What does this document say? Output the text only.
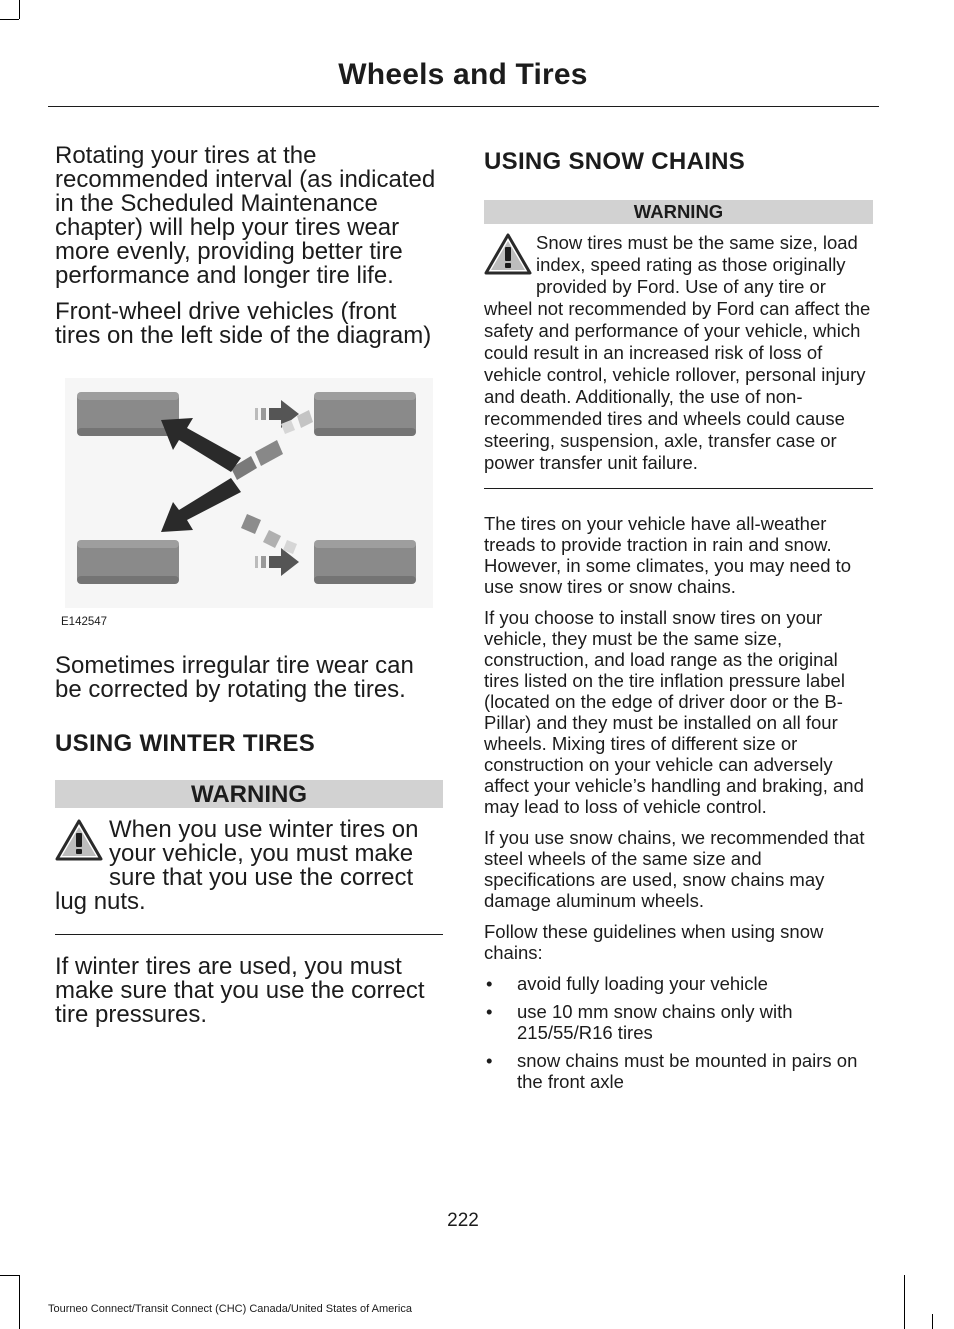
Wheels and Tires

Rotating your tires at the recommended interval (as indicated in the Scheduled Maintenance chapter) will help your tires wear more evenly, providing better tire performance and longer tire life.

Front-wheel drive vehicles (front tires on the left side of the diagram)

E142547

Sometimes irregular tire wear can be corrected by rotating the tires.

USING WINTER TIRES
WARNING
When you use winter tires on your vehicle, you must make sure that you use the correct lug nuts.

If winter tires are used, you must make sure that you use the correct tire pressures.

USING SNOW CHAINS
WARNING
Snow tires must be the same size, load index, speed rating as those originally provided by Ford. Use of any tire or wheel not recommended by Ford can affect the safety and performance of your vehicle, which could result in an increased risk of loss of vehicle control, vehicle rollover, personal injury and death. Additionally, the use of non-recommended tires and wheels could cause steering, suspension, axle, transfer case or power transfer unit failure.

The tires on your vehicle have all-weather treads to provide traction in rain and snow. However, in some climates, you may need to use snow tires or snow chains.

If you choose to install snow tires on your vehicle, they must be the same size, construction, and load range as the original tires listed on the tire inflation pressure label (located on the edge of driver door or the B-Pillar) and they must be installed on all four wheels. Mixing tires of different size or construction on your vehicle can adversely affect your vehicle’s handling and braking, and may lead to loss of vehicle control.

If you use snow chains, we recommended that steel wheels of the same size and specifications are used, snow chains may damage aluminum wheels.

Follow these guidelines when using snow chains:

• avoid fully loading your vehicle
• use 10 mm snow chains only with 215/55/R16 tires
• snow chains must be mounted in pairs on the front axle
222
Tourneo Connect/Transit Connect (CHC) Canada/United States of America
